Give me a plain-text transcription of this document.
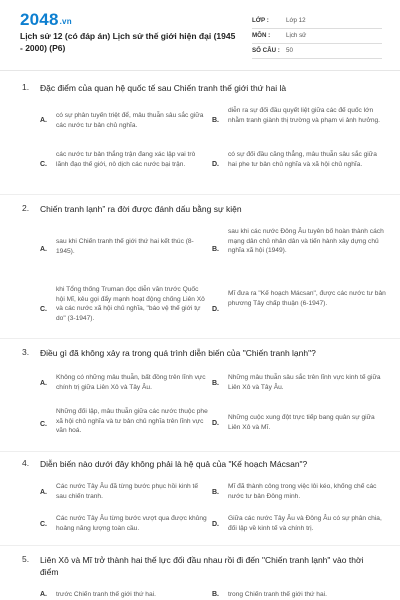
2048.vn
Lịch sử 12 (có đáp án) Lịch sử thế giới hiện đại (1945 - 2000) (P6)
LỚP :	Lớp 12
MÔN :	Lịch sử
SỐ CÂU : 50
1. Đặc điểm của quan hệ quốc tế sau Chiến tranh thế giới thứ hai là
A.
có sự phân tuyến triệt để, mâu thuẫn sâu sắc giữa các nước tư bản chủ nghĩa.
B.
diễn ra sự đối đầu quyết liệt giữa các đế quốc lớn nhằm tranh giành thị trường và phạm vi ảnh hưởng.
C.
các nước tư bản thắng trận đang xác lập vai trò lãnh đạo thế giới, nô dịch các nước bại trận.	D.
có sự đối đầu căng thẳng, mâu thuẫn sâu sắc giữa hai phe tư bản chủ nghĩa và xã hội chủ nghĩa.
2. Chiến tranh lạnh” ra đời được đánh dấu bằng sự kiện
A.
sau khi Chiến tranh thế giới thứ hai kết thúc (8-1945).	B.
sau khi các nước Đông Âu tuyên bố hoàn thành cách mạng dân chủ nhân dân và tiến hành xây dựng chủ nghĩa xã hội (1949).
C.
khi Tổng thống Truman đọc diễn văn trước Quốc hội Mĩ, kêu gọi đẩy mạnh hoạt động chống Liên Xô và các nước xã hội chủ nghĩa, "báo vệ thế giới tự do" (3-1947).
D.
Mĩ đưa ra "Kế hoạch Mácsan", được các nước tư bản phương Tây chấp thuận (6-1947).
3. Điều gì đã không xảy ra trong quá trình diễn biến của "Chiến tranh lạnh"?
A.
Không có những mâu thuẫn, bất đồng trên lĩnh vực chính trị giữa Liên Xô và Tây Âu.
B.
Những mâu thuẫn sâu sắc trên lĩnh vực kinh tế giữa Liên Xô và Tây Âu.
C.
Những đối lập, mâu thuẫn giữa các nước thuộc phe xã hội chủ nghĩa và tư bản chủ nghĩa trên lĩnh vực văn hoá.
D.
Những cuộc xung đột trực tiếp bang quân sự giữa Liên Xô và Mĩ.
4. Diễn biến nào dưới đây không phải là hệ quả của "Kế hoạch Mácsan"?
A.
Các nước Tây Âu đã từng bước phục hồi kinh tế sau chiến tranh.
B.
Mĩ đã thành công trong việc lôi kéo, khống chế các nước tư bản Đông minh.
C.
Các nước Tây Âu từng bước vượt qua được khủng hoảng năng lượng toàn cầu.
D.
Giữa các nước Tây Âu và Đông Âu có sự phân chia, đối lập về kinh tế và chính trị.
5. Liên Xô và Mĩ trở thành hai thế lực đối đầu nhau rồi đi đến "Chiến tranh lạnh" vào thời điểm
A. trước Chiến tranh thế giới thứ hai.	B. trong Chiến tranh thế giới thứ hai.
